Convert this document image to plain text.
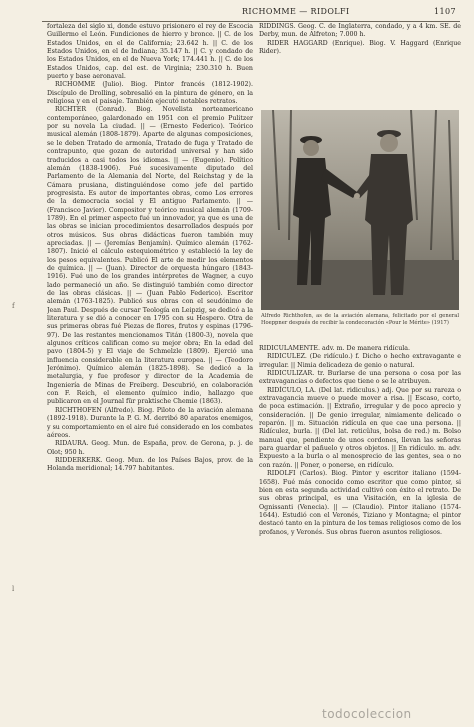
RICHOMME — RIDOLFI	1107

fortaleza del siglo xi, donde estuvo prisionero el rey de Escocia Guillermo el León. Fundiciones de hierro y bronce. || C. de los Estados Unidos, en el de California; 23.642 h. || C. de los Estados Unidos, en el de Indiana; 35.147 h. || C. y condado de los Estados Unidos, en el de Nueva York; 174.441 h. || C. de los Estados Unidos, cap. del est. de Virginia; 230.310 h. Buen puerto y base aeronaval.

RICHOMME (Julio). Biog. Pintor francés (1812-1902). Discípulo de Drolling, sobresalió en la pintura de género, en la religiosa y en el paisaje. También ejecutó notables retratos.

RICHTER (Conrad). Biog. Novelista norteamericano contemporáneo, galardonado en 1951 con el premio Pulitzer por su novela La ciudad. || — (Ernesto Federico). Teórico musical alemán (1808-1879). Aparte de algunas composiciones, se le deben Tratado de armonía, Tratado de fuga y Tratado de contrapunto, que gozan de autoridad universal y han sido traducidos a casi todos los idiomas. || — (Eugenio). Político alemán (1838-1906). Fué sucesivamente diputado del Parlamento de la Alemania del Norte, del Reichstag y de la Cámara prusiana, distinguiéndose como jefe del partido progresista. Es autor de importantes obras, como Los errores de la democracia social y El antiguo Parlamento. || — (Francisco Javier). Compositor y teórico musical alemán (1709-1789). En el primer aspecto fué un innovador, ya que es una de las obras se inician procedimientos desarrollados después por otros músicos. Sus obras didácticas fueron también muy apreciadas. || — (Jeremías Benjamín). Químico alemán (1762-1807). Inició el cálculo estequiométrico y estableció la ley de los pesos equivalentes. Publicó El arte de medir los elementos de química. || — (Juan). Director de orquesta húngaro (1843-1916). Fué uno de los grandes intérpretes de Wagner, a cuyo lado permaneció un año. Se distinguió también como director de las obras clásicas. || — (Juan Pablo Federico). Escritor alemán (1763-1825). Publicó sus obras con el seudónimo de Jean Paul. Después de cursar Teología en Leipzig, se dedicó a la literatura y se dió a conocer en 1795 con su Hespero. Otra de sus primeras obras fué Piezas de flores, frutos y espinas (1796-97). De las restantes mencionamos Titán (1800-3), novela que algunos críticos califican como su mejor obra; En la edad del pavo (1804-5) y El viaje de Schmelzle (1809). Ejerció una influencia considerable en la literatura europea. || — (Teodoro Jerónimo). Químico alemán (1825-1898). Se dedicó a la metalurgia, y fue profesor y director de la Academia de Ingeniería de Minas de Freiberg. Descubrió, en colaboración con F. Reich, el elemento químico indio, hallazgo que publicaron en el Journal für praktische Chemie (1863).

RICHTHOFEN (Alfredo). Biog. Piloto de la aviación alemana (1892-1918). Durante la P. G. M. derribó 80 aparatos enemigos, y su comportamiento en el aire fué considerado en los combates aéreos.

RIDAURA. Geog. Mun. de España, prov. de Gerona, p. j. de Olot; 950 h.

RIDDERKERK. Geog. Mun. de los Países Bajos, prov. de la Holanda meridional; 14.797 habitantes.

RIDDINGS. Geog. C. de Inglaterra, condado, y a 4 km. SE. de Derby, mun. de Alfreton; 7.000 h.

RIDER HAGGARD (Enrique). Biog. V. Haggard (Enrique Rider).

Alfredo Richthofen, as de la aviación alemana, felicitado por el general Hoeppner después de recibir la condecoración «Pour le Mérite» (1917)

RIDÍCULAMENTE. adv. m. De manera ridícula.

RIDICULEZ. (De ridículo.) f. Dicho o hecho extravagante e irregular. || Nimia delicadeza de genio o natural.

RIDICULIZAR. tr. Burlarse de una persona o cosa por las extravagancias o defectos que tiene o se le atribuyen.

RIDÍCULO, LA. (Del lat. ridiculus.) adj. Que por su rareza o extravagancia mueve o puede mover a risa. || Escaso, corto, de poca estimación. || Extraño, irregular y de poco aprecio y consideración. || De genio irregular, nimiamente delicado o reparón. || m. Situación ridícula en que cae una persona. || Ridículez, burla. || (Del lat. reticŭlus, bolsa de red.) m. Bolso manual que, pendiente de unos cordones, llevan las señoras para guardar el pañuelo y otros objetos. || En ridículo. m. adv. Expuesto a la burla o al menosprecio de las gentes, sea o no con razón. || Poner, o ponerse, en ridículo.

RIDOLFI (Carlos). Biog. Pintor y escritor italiano (1594-1658). Fué más conocido como escritor que como pintor, si bien en esta segunda actividad cultivó con éxito el retrato. De sus obras principal, es una Visitación, en la iglesia de Ognissanti (Venecia). || — (Claudio). Pintor italiano (1574-1644). Estudió con el Veronés, Tiziano y Montagna; el pintor destacó tanto en la pintura de los temas religiosos como de los profanos, y Veronés. Sus obras fueron asuntos religiosos.

f
l
todocoleccion
